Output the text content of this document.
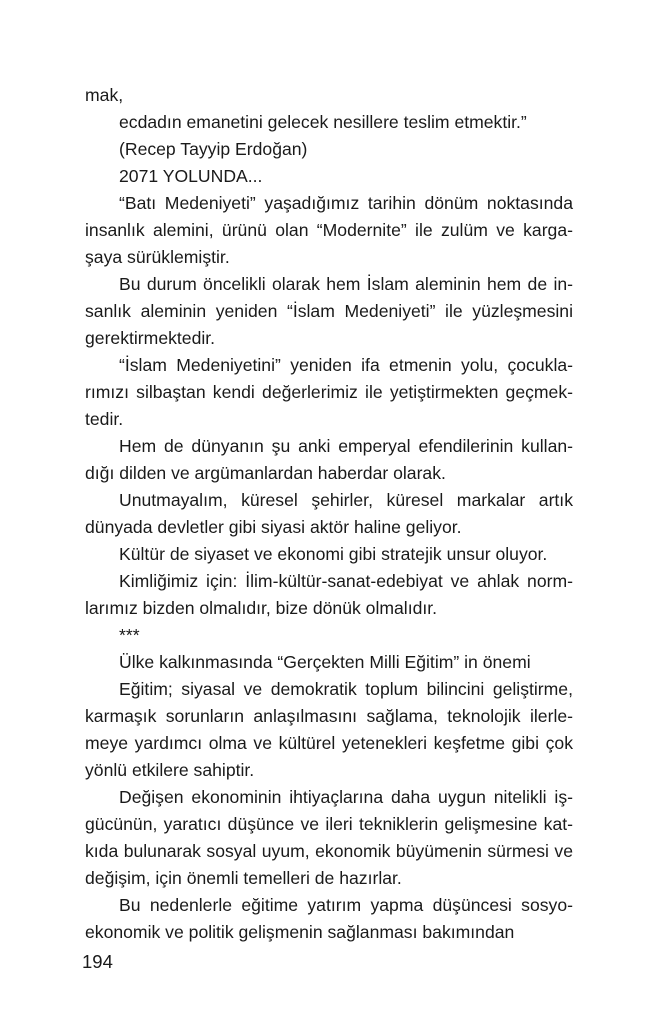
mak,

ecdadın emanetini gelecek nesillere teslim etmektir.”

(Recep Tayyip Erdoğan)

2071 YOLUNDA...

“Batı Medeniyeti” yaşadığımız tarihin dönüm noktasında insanlık alemini, ürünü olan “Modernite” ile zulüm ve kargaşaya sürüklemiştir.

Bu durum öncelikli olarak hem İslam aleminin hem de insanlık aleminin yeniden “İslam Medeniyeti” ile yüzleşmesini gerektirmektedir.

“İslam Medeniyetini” yeniden ifa etmenin yolu, çocuklarımızı silbaştan kendi değerlerimiz ile yetiştirmekten geçmektedir.

Hem de dünyanın şu anki emperyal efendilerinin kullandığı dilden ve argümanlardan haberdar olarak.

Unutmayalım, küresel şehirler, küresel markalar artık dünyada devletler gibi siyasi aktör haline geliyor.

Kültür de siyaset ve ekonomi gibi stratejik unsur oluyor.

Kimliğimiz için: İlim-kültür-sanat-edebiyat ve ahlak normlarımız bizden olmalıdır, bize dönük olmalıdır.

***

Ülke kalkınmasında “Gerçekten Milli Eğitim” in önemi

Eğitim; siyasal ve demokratik toplum bilincini geliştirme, karmaşık sorunların anlaşılmasını sağlama, teknolojik ilerlemeye yardımcı olma ve kültürel yetenekleri keşfetme gibi çok yönlü etkilere sahiptir.

Değişen ekonominin ihtiyaçlarına daha uygun nitelikli işgücünün, yaratıcı düşünce ve ileri tekniklerin gelişmesine katkıda bulunarak sosyal uyum, ekonomik büyümenin sürmesi ve değişim, için önemli temelleri de hazırlar.

Bu nedenlerle eğitime yatırım yapma düşüncesi sosyo-ekonomik ve politik gelişmenin sağlanması bakımından

194
